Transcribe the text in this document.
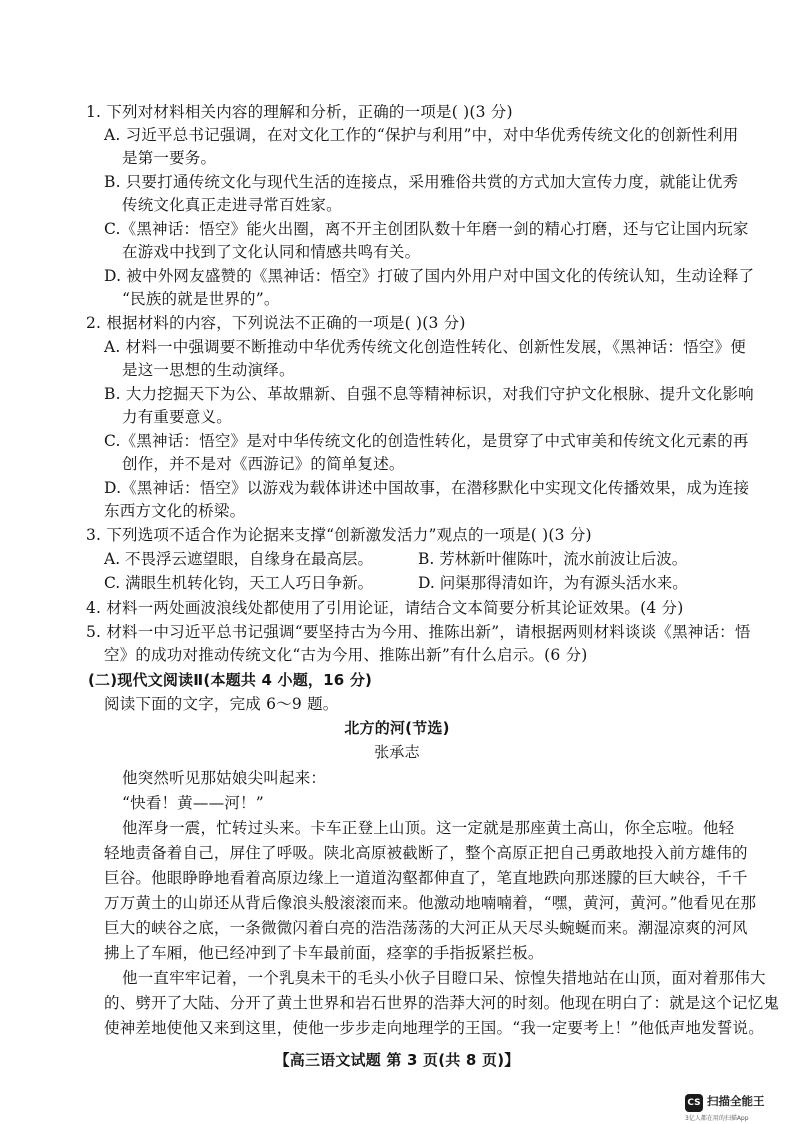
1. 下列对材料相关内容的理解和分析，正确的一项是( )(3 分)
A. 习近平总书记强调，在对文化工作的“保护与利用”中，对中华优秀传统文化的创新性利用
是第一要务。
B. 只要打通传统文化与现代生活的连接点，采用雅俗共赏的方式加大宣传力度，就能让优秀
传统文化真正走进寻常百姓家。
C.《黑神话：悟空》能火出圈，离不开主创团队数十年磨一剑的精心打磨，还与它让国内玩家
在游戏中找到了文化认同和情感共鸣有关。
D. 被中外网友盛赞的《黑神话：悟空》打破了国内外用户对中国文化的传统认知，生动诠释了
“民族的就是世界的”。
2. 根据材料的内容，下列说法不正确的一项是( )(3 分)
A. 材料一中强调要不断推动中华优秀传统文化创造性转化、创新性发展，《黑神话：悟空》便
是这一思想的生动演绎。
B. 大力挖掘天下为公、革故鼎新、自强不息等精神标识，对我们守护文化根脉、提升文化影响
力有重要意义。
C.《黑神话：悟空》是对中华传统文化的创造性转化，是贯穿了中式审美和传统文化元素的再
创作，并不是对《西游记》的简单复述。
D.《黑神话：悟空》以游戏为载体讲述中国故事，在潜移默化中实现文化传播效果，成为连接
东西方文化的桥梁。
3. 下列选项不适合作为论据来支撑“创新激发活力”观点的一项是( )(3 分)
A. 不畏浮云遮望眼，自缘身在最高层。	B. 芳林新叶催陈叶，流水前波让后波。
C. 满眼生机转化钧，天工人巧日争新。	D. 问渠那得清如许，为有源头活水来。
4. 材料一两处画波浪线处都使用了引用论证，请结合文本简要分析其论证效果。(4 分)
5. 材料一中习近平总书记强调“要坚持古为今用、推陈出新”，请根据两则材料谈谈《黑神话：悟
空》的成功对推动传统文化“古为今用、推陈出新”有什么启示。(6 分)
(二)现代文阅读Ⅱ(本题共 4 小题，16 分)
阅读下面的文字，完成 6～9 题。
北方的河(节选)
张承志
他突然听见那姑娘尖叫起来：
“快看！黄——河！”
他浑身一震，忙转过头来。卡车正登上山顶。这一定就是那座黄土高山，你全忘啦。他轻
轻地责备着自己，屏住了呼吸。陕北高原被截断了，整个高原正把自己勇敢地投入前方雄伟的
巨谷。他眼睁睁地看着高原边缘上一道道沟壑都伸直了，笔直地跌向那迷朦的巨大峡谷，千千
万万黄土的山峁还从背后像浪头般滚滚而来。他激动地喃喃着，“嘿，黄河，黄河。”他看见在那
巨大的峡谷之底，一条微微闪着白亮的浩浩荡荡的大河正从天尽头蜿蜒而来。潮湿凉爽的河风
拂上了车厢，他已经冲到了卡车最前面，痉挛的手指扳紧拦板。
他一直牢牢记着，一个乳臭未干的毛头小伙子目瞪口呆、惊惶失措地站在山顶，面对着那伟大
的、劈开了大陆、分开了黄土世界和岩石世界的浩莽大河的时刻。他现在明白了：就是这个记忆鬼
使神差地使他又来到这里，使他一步步走向地理学的王国。“我一定要考上！”他低声地发誓说。
【高三语文试题 第 3 页(共 8 页)】
CS 扫描全能王
3亿人都在用的扫描App
